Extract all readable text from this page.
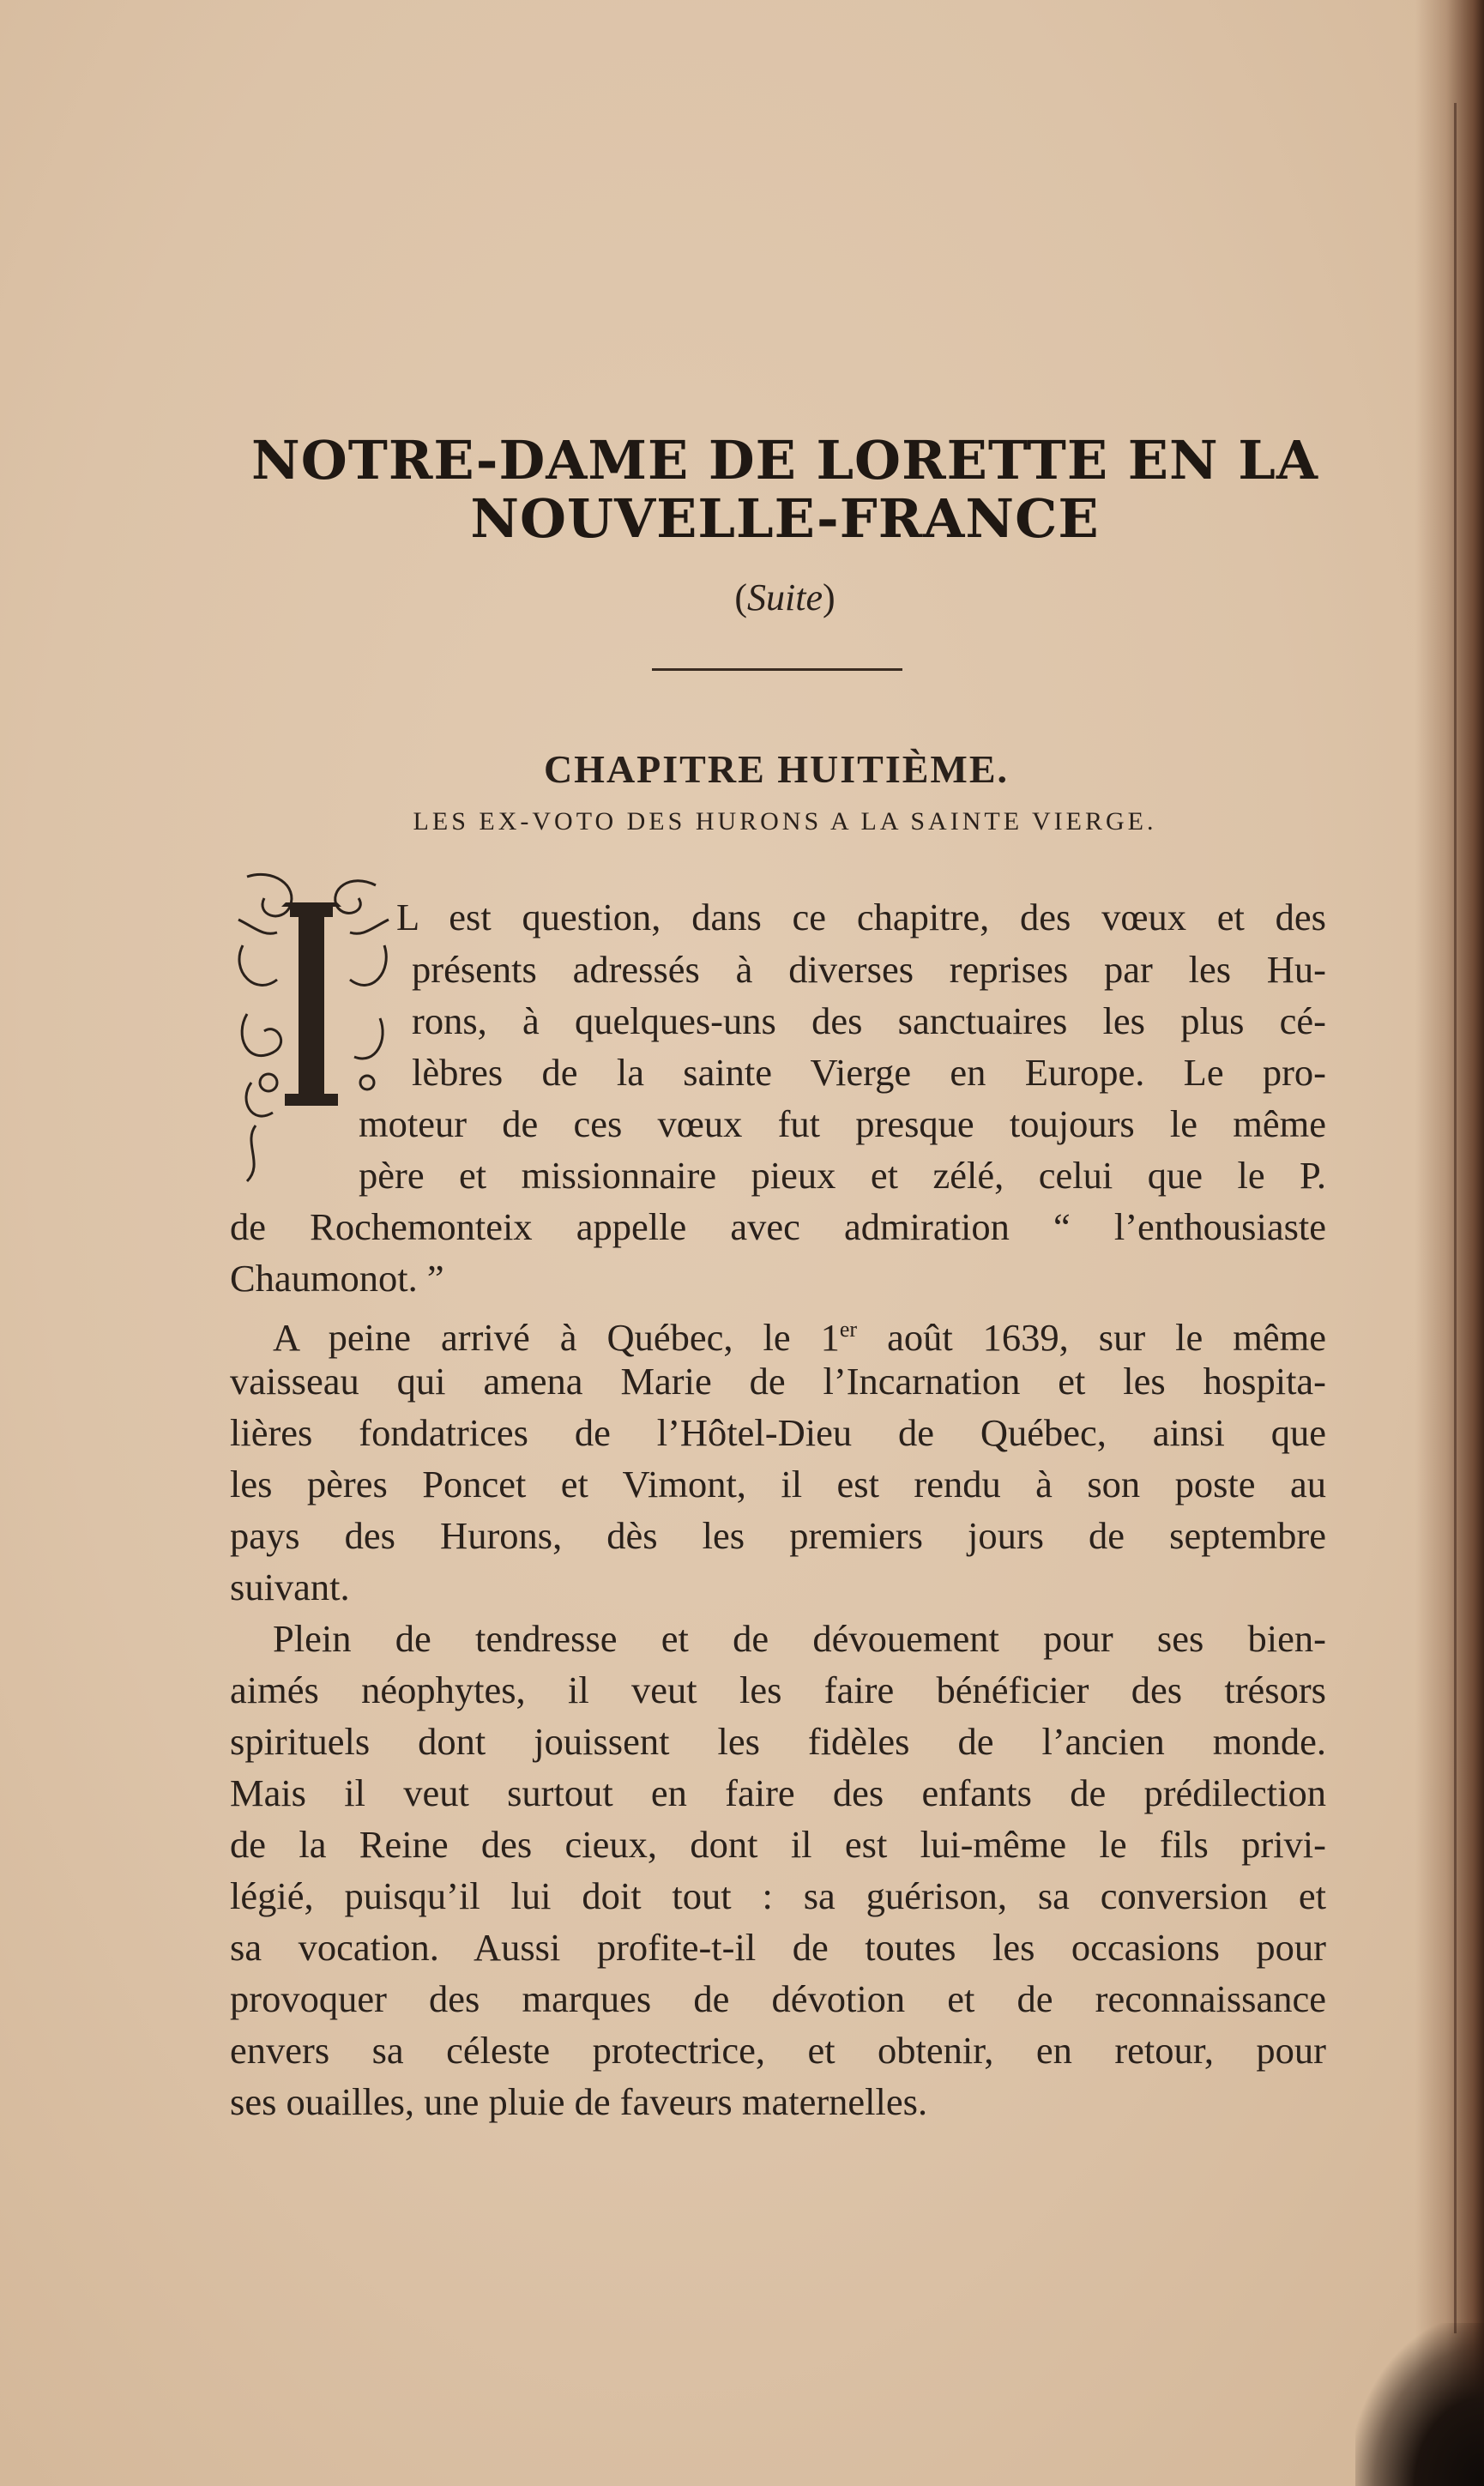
NOTRE-DAME DE LORETTE EN LA
NOUVELLE-FRANCE
(Suite)
CHAPITRE HUITIÈME.
LES EX-VOTO DES HURONS A LA SAINTE VIERGE.
I

L est question, dans ce chapitre, des vœux et des

présents adressés à diverses reprises par les Hu-

rons, à quelques-uns des sanctuaires les plus cé-

lèbres de la sainte Vierge en Europe. Le pro-

moteur de ces vœux fut presque toujours le même

père et missionnaire pieux et zélé, celui que le P.

de Rochemonteix appelle avec admiration “ l’enthousiaste

Chaumonot. ”

A peine arrivé à Québec, le 1er août 1639, sur le même

vaisseau qui amena Marie de l’Incarnation et les hospita-

lières fondatrices de l’Hôtel-Dieu de Québec, ainsi que

les pères Poncet et Vimont, il est rendu à son poste au

pays des Hurons, dès les premiers jours de septembre

suivant.

Plein de tendresse et de dévouement pour ses bien-

aimés néophytes, il veut les faire bénéficier des trésors

spirituels dont jouissent les fidèles de l’ancien monde.

Mais il veut surtout en faire des enfants de prédilection

de la Reine des cieux, dont il est lui-même le fils privi-

légié, puisqu’il lui doit tout : sa guérison, sa conversion et

sa vocation. Aussi profite-t-il de toutes les occasions pour

provoquer des marques de dévotion et de reconnaissance

envers sa céleste protectrice, et obtenir, en retour, pour

ses ouailles, une pluie de faveurs maternelles.
